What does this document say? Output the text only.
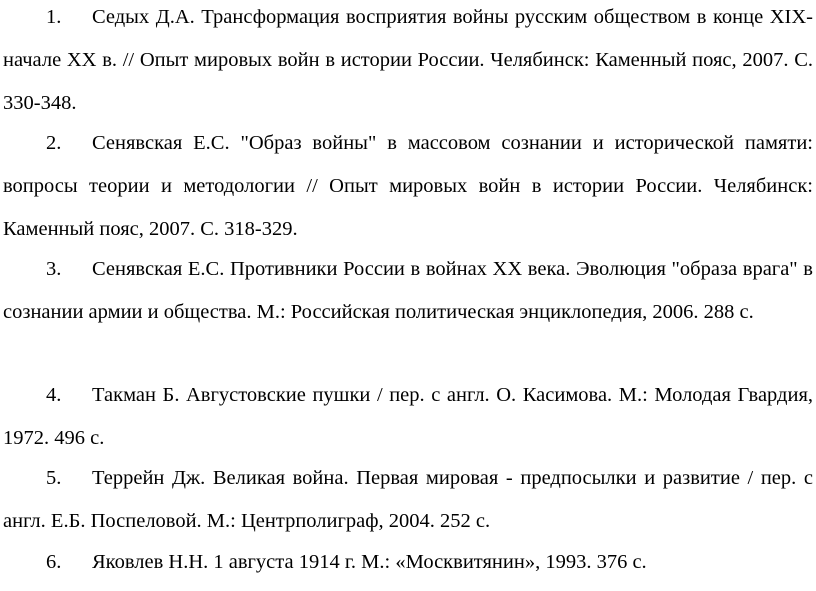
1. Седых Д.А. Трансформация восприятия войны русским обществом в конце XIX- начале XX в. // Опыт мировых войн в истории России. Челябинск: Каменный пояс, 2007. С. 330-348.
2. Сенявская Е.С. "Образ войны" в массовом сознании и исторической памяти: вопросы теории и методологии // Опыт мировых войн в истории России. Челябинск: Каменный пояс, 2007. С. 318-329.
3. Сенявская Е.С. Противники России в войнах XX века. Эволюция "образа врага" в сознании армии и общества. М.: Российская политическая энциклопедия, 2006. 288 с.
4. Такман Б. Августовские пушки / пер. с англ. О. Касимова. М.: Молодая Гвардия, 1972. 496 с.
5. Террейн Дж. Великая война. Первая мировая - предпосылки и развитие / пер. с англ. Е.Б. Поспеловой. М.: Центрполиграф, 2004. 252 с.
6. Яковлев Н.Н. 1 августа 1914 г. М.: «Москвитянин», 1993. 376 с.
